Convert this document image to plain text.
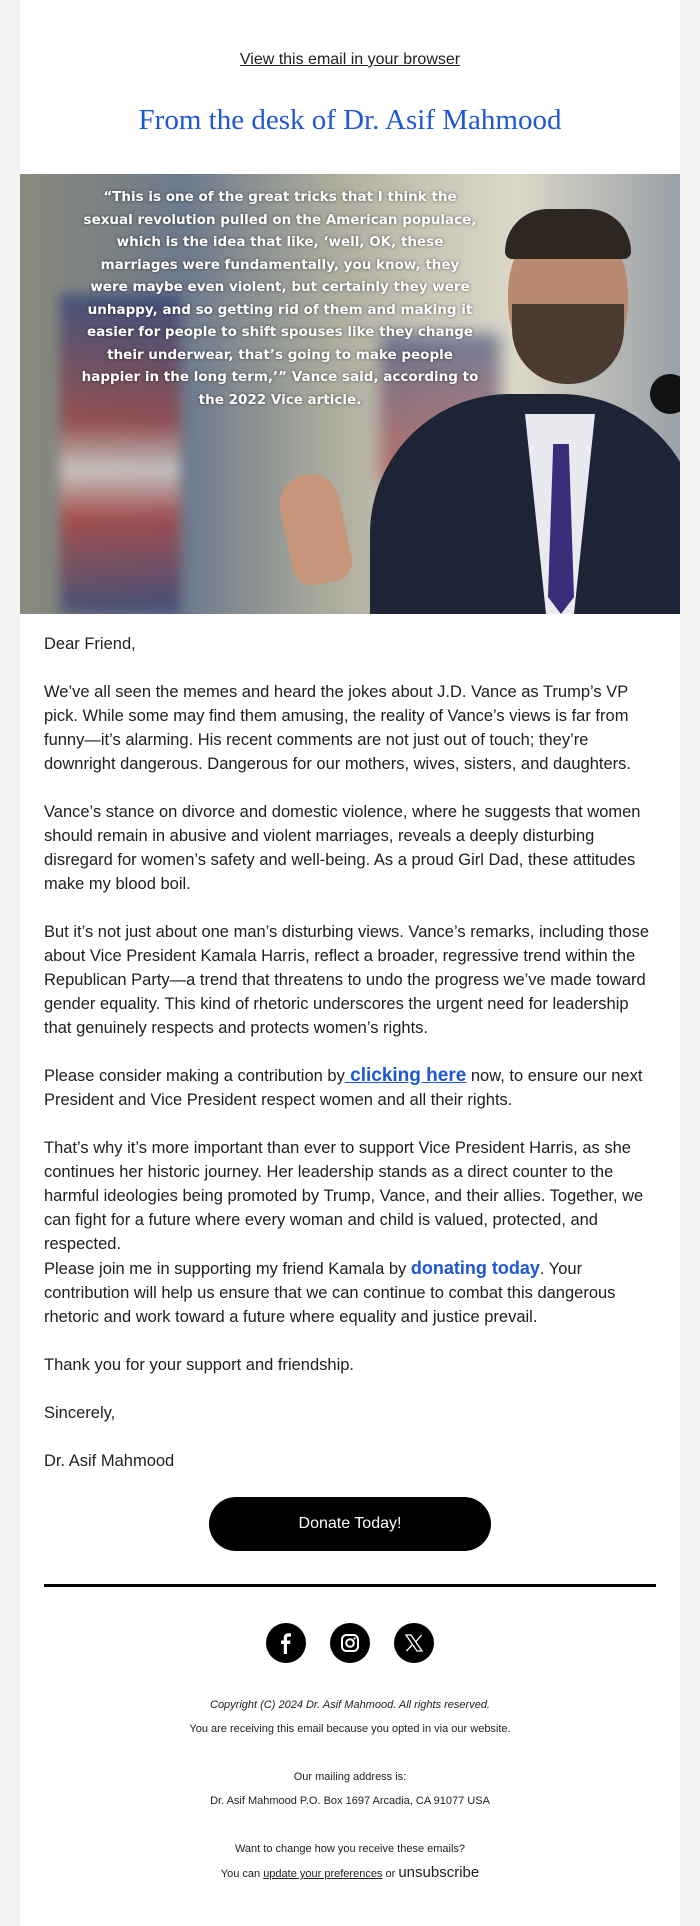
View this email in your browser
From the desk of Dr. Asif Mahmood
“This is one of the great tricks that I think the sexual revolution pulled on the American populace, which is the idea that like, ‘well, OK, these marriages were fundamentally, you know, they were maybe even violent, but certainly they were unhappy, and so getting rid of them and making it easier for people to shift spouses like they change their underwear, that’s going to make people happier in the long term,’” Vance said, according to the 2022 Vice article.

Dear Friend,

We’ve all seen the memes and heard the jokes about J.D. Vance as Trump’s VP pick. While some may find them amusing, the reality of Vance’s views is far from funny—it’s alarming. His recent comments are not just out of touch; they’re downright dangerous. Dangerous for our mothers, wives, sisters, and daughters.

Vance’s stance on divorce and domestic violence, where he suggests that women should remain in abusive and violent marriages, reveals a deeply disturbing disregard for women’s safety and well-being. As a proud Girl Dad, these attitudes make my blood boil.

But it’s not just about one man’s disturbing views. Vance’s remarks, including those about Vice President Kamala Harris, reflect a broader, regressive trend within the Republican Party—a trend that threatens to undo the progress we’ve made toward gender equality. This kind of rhetoric underscores the urgent need for leadership that genuinely respects and protects women’s rights.

Please consider making a contribution by clicking here now, to ensure our next President and Vice President respect women and all their rights.

That’s why it’s more important than ever to support Vice President Harris, as she continues her historic journey. Her leadership stands as a direct counter to the harmful ideologies being promoted by Trump, Vance, and their allies. Together, we can fight for a future where every woman and child is valued, protected, and respected.

Please join me in supporting my friend Kamala by donating today. Your contribution will help us ensure that we can continue to combat this dangerous rhetoric and work toward a future where equality and justice prevail.

Thank you for your support and friendship.

Sincerely,

Dr. Asif Mahmood

Donate Today!
Copyright (C) 2024 Dr. Asif Mahmood. All rights reserved.
You are receiving this email because you opted in via our website.
Our mailing address is:
Dr. Asif Mahmood P.O. Box 1697 Arcadia, CA 91077 USA
Want to change how you receive these emails?
You can update your preferences or unsubscribe
